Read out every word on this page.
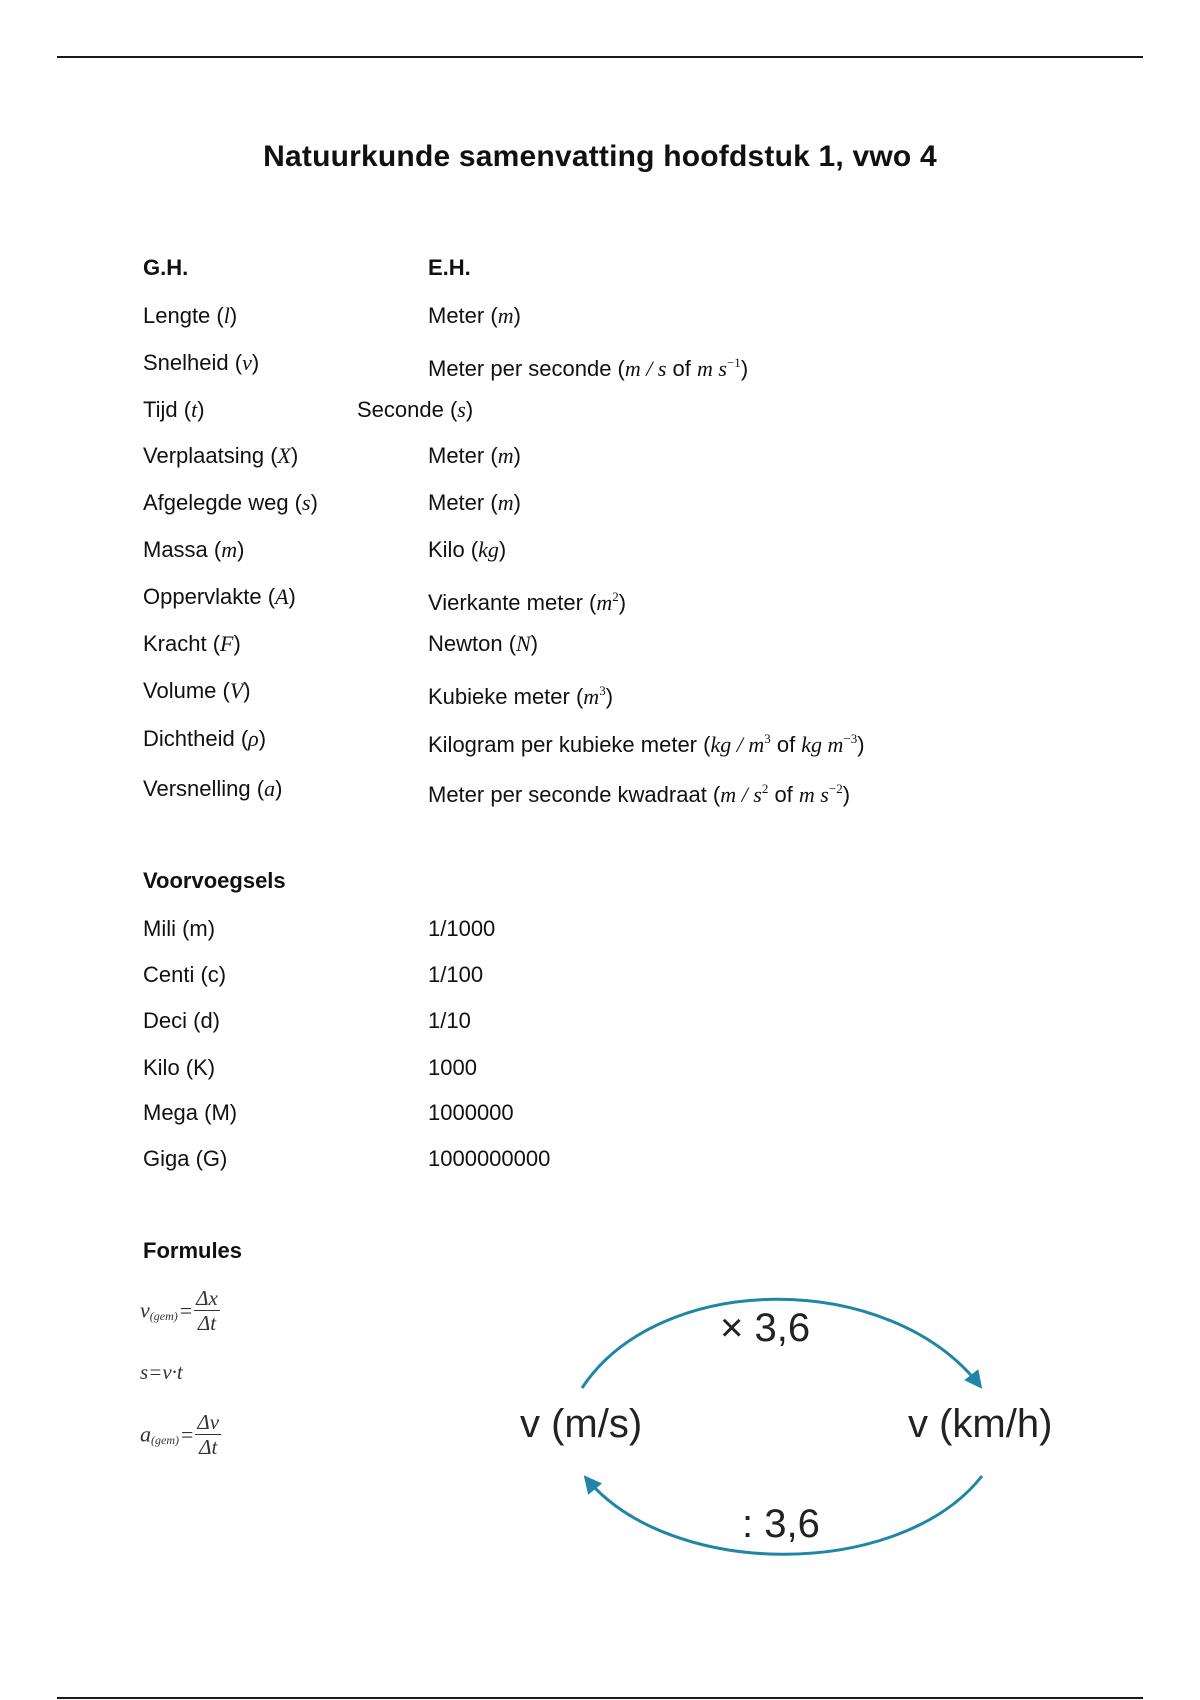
Natuurkunde samenvatting hoofdstuk 1, vwo 4
G.H.	E.H.
Lengte (l)	Meter (m)
Snelheid (v)	Meter per seconde (m / s of m $s^{-1}$)
Tijd (t)	Seconde (s)
Verplaatsing (X)	Meter (m)
Afgelegde weg (s)	Meter (m)
Massa (m)	Kilo (kg)
Oppervlakte (A)	Vierkante meter $(m^2)$
Kracht (F)	Newton (N)
Volume (V)	Kubieke meter $(m^3)$
Dichtheid (ρ)	Kilogram per kubieke meter ($kg / m^3$ of kg $m^{-3}$)
Versnelling (a)	Meter per seconde kwadraat ($m / s^2$ of m $s^{-2}$)
Voorvoegsels
Mili (m)	1/1000
Centi (c)	1/100
Deci (d)	1/10
Kilo (K)	1000
Mega (M)	1000000
Giga (G)	1000000000
Formules
$v_{(gem)}= \frac{\Delta x}{\Delta t}$
s=v·t
$a_{(gem)}= \frac{\Delta v}{\Delta t}$
× 3,6
v (m/s)	v (km/h)
: 3,6
